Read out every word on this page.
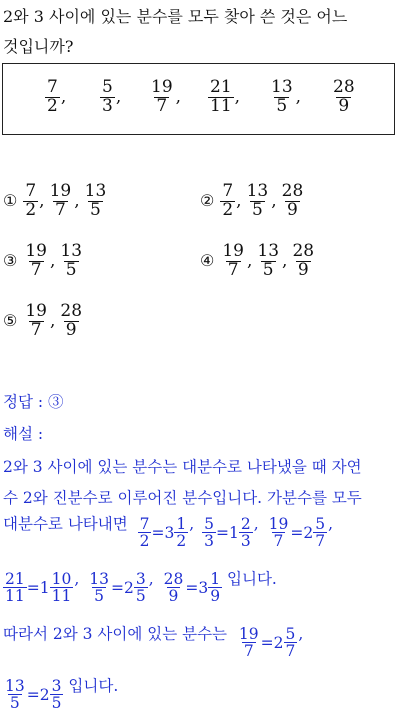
2와 3 사이에 있는 분수를 모두 찾아 쓴 것은 어느
것입니까?
$\frac{7}{2}$ , $\frac{5}{3}$ , $\frac{19}{7}$ , $\frac{21}{11}$ , $\frac{13}{5}$ , $\frac{28}{9}$
① $\frac{7}{2}$ , $\frac{19}{7}$ , $\frac{13}{5}$	② $\frac{7}{2}$ , $\frac{13}{5}$ , $\frac{28}{9}$
③ $\frac{19}{7}$ , $\frac{13}{5}$	④ $\frac{19}{7}$ , $\frac{13}{5}$ , $\frac{28}{9}$
⑤ $\frac{19}{7}$ , $\frac{28}{9}$
정답 : ③
해설 :
2와 3 사이에 있는 분수는 대분수로 나타냈을 때 자연
수 2와 진분수로 이루어진 분수입니다. 가분수를 모두
대분수로 나타내면 $\frac{7}{2} = 3 \frac{1}{2}$ , $\frac{5}{3} = 1 \frac{2}{3}$ , $\frac{19}{7} = 2 \frac{5}{7}$ ,
$\frac{21}{11} = 1 \frac{10}{11}$ , $\frac{13}{5} = 2 \frac{3}{5}$ , $\frac{28}{9} = 3 \frac{1}{9}$ 입니다.
따라서 2와 3 사이에 있는 분수는 $\frac{19}{7} = 2 \frac{5}{7}$ ,
$\frac{13}{5} = 2 \frac{3}{5}$ 입니다.
